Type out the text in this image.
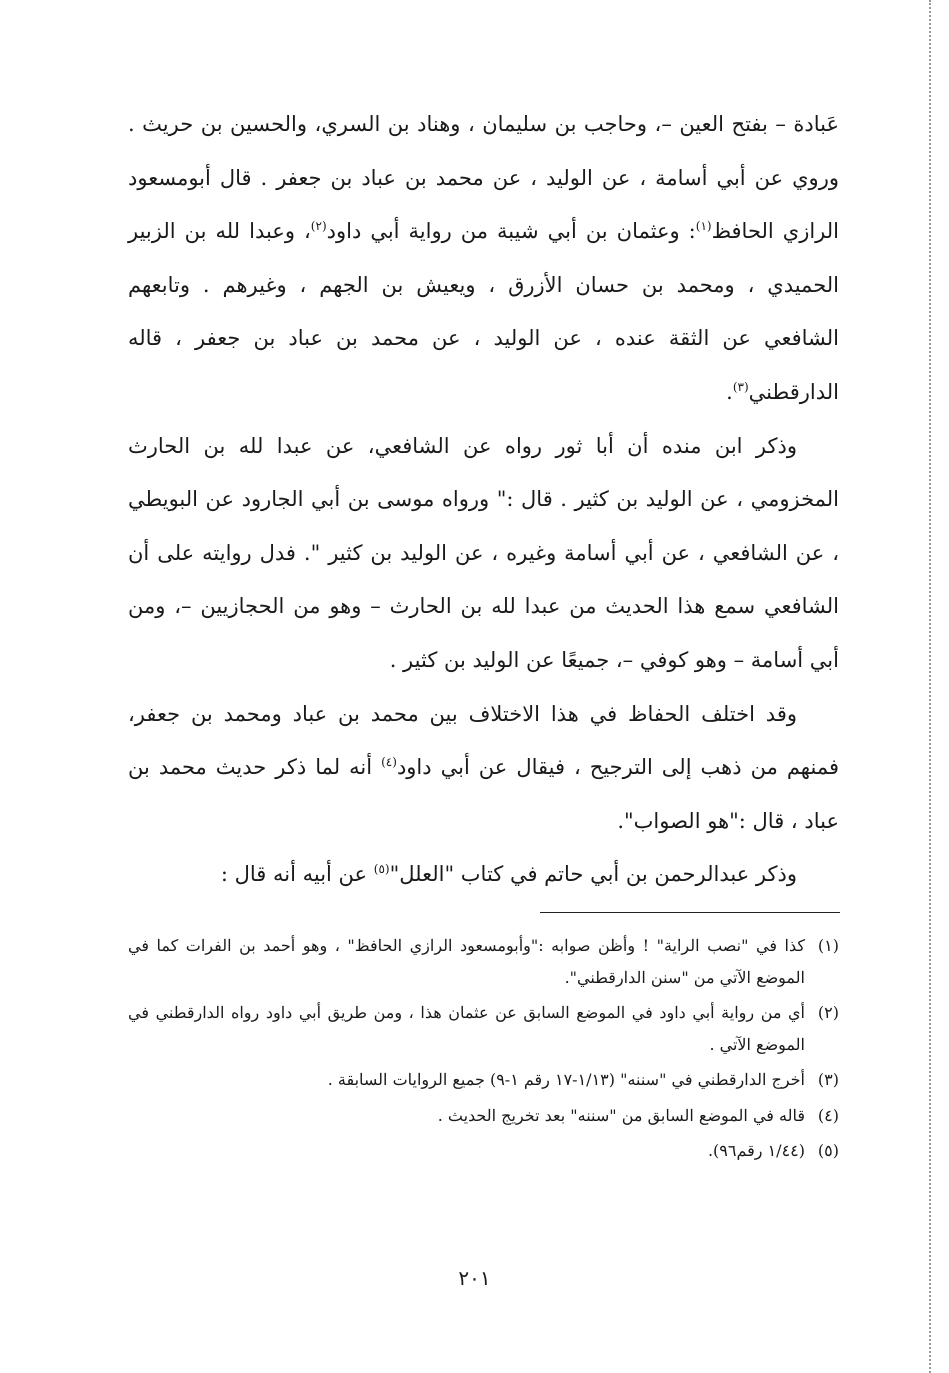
عَبادة – بفتح العين –، وحاجب بن سليمان ، وهناد بن السري، والحسين بن حريث . وروي عن أبي أسامة ، عن الوليد ، عن محمد بن عباد بن جعفر . قال أبومسعود الرازي الحافظ$^{(١)}$: وعثمان بن أبي شيبة من رواية أبي داود$^{(٢)}$، وعبدا لله بن الزبير الحميدي ، ومحمد بن حسان الأزرق ، ويعيش بن الجهم ، وغيرهم . وتابعهم الشافعي عن الثقة عنده ، عن الوليد ، عن محمد بن عباد بن جعفر ، قاله الدارقطني$^{(٣)}$.

وذكر ابن منده أن أبا ثور رواه عن الشافعي، عن عبدا لله بن الحارث المخزومي ، عن الوليد بن كثير . قال :" ورواه موسى بن أبي الجارود عن البويطي ، عن الشافعي ، عن أبي أسامة وغيره ، عن الوليد بن كثير ". فدل روايته على أن الشافعي سمع هذا الحديث من عبدا لله بن الحارث – وهو من الحجازيين –، ومن أبي أسامة – وهو كوفي –، جميعًا عن الوليد بن كثير .

وقد اختلف الحفاظ في هذا الاختلاف بين محمد بن عباد ومحمد بن جعفر، فمنهم من ذهب إلى الترجيح ، فيقال عن أبي داود$^{(٤)}$ أنه لما ذكر حديث محمد بن عباد ، قال :"هو الصواب".

وذكر عبدالرحمن بن أبي حاتم في كتاب "العلل"$^{(٥)}$ عن أبيه أنه قال :

(١)كذا في "نصب الراية" ! وأظن صوابه :"وأبومسعود الرازي الحافظ" ، وهو أحمد بن الفرات كما في الموضع الآتي من "سنن الدارقطني".

(٢)أي من رواية أبي داود في الموضع السابق عن عثمان هذا ، ومن طريق أبي داود رواه الدارقطني في الموضع الآتي .

(٣)أخرج الدارقطني في "سننه" (١/١٣-١٧ رقم ١-٩) جميع الروايات السابقة .

(٤)قاله في الموضع السابق من "سننه" بعد تخريج الحديث .

(٥)(١/٤٤ رقم٩٦).

٢٠١
